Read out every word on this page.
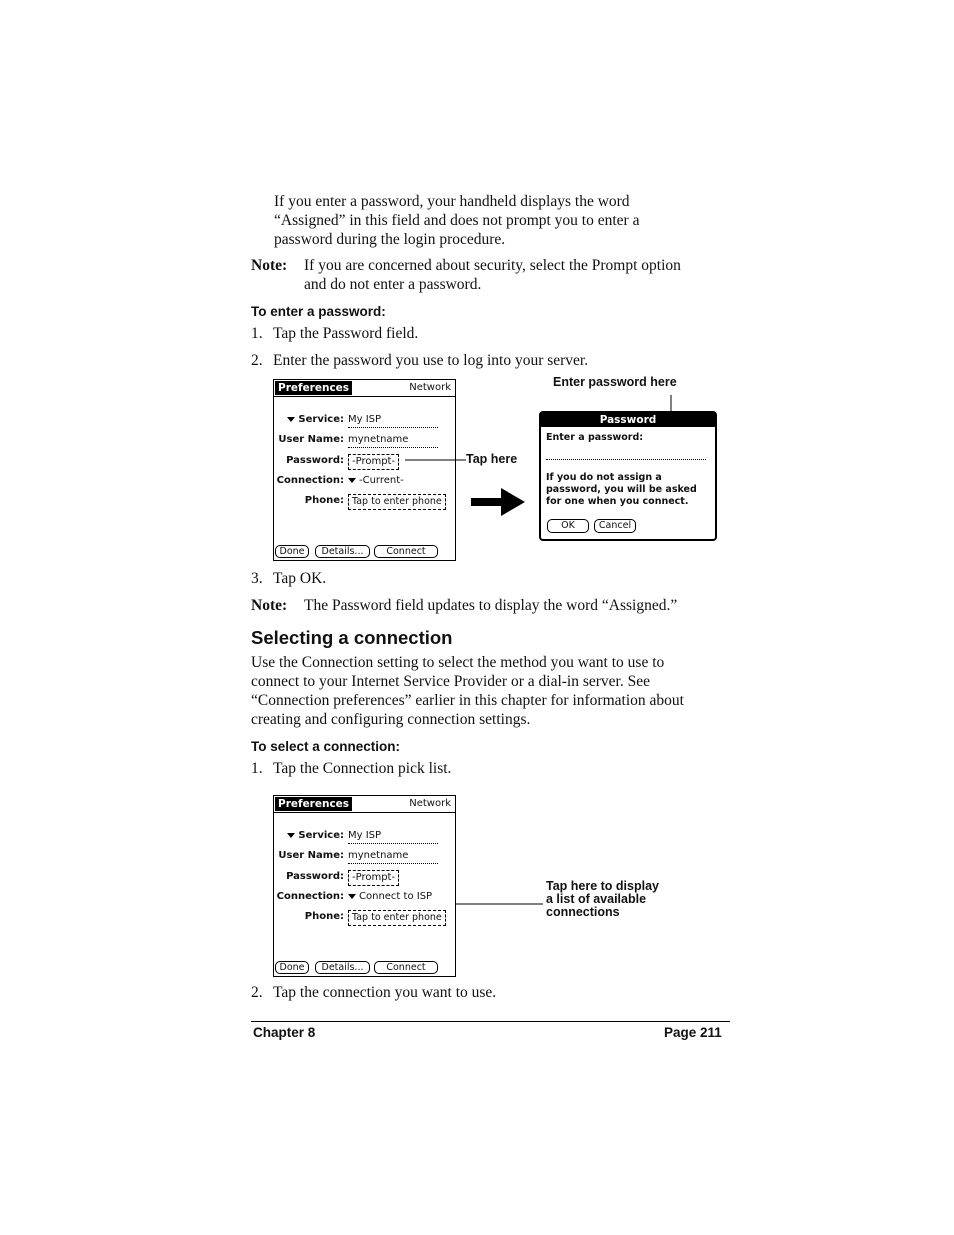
If you enter a password, your handheld displays the word
“Assigned” in this field and does not prompt you to enter a
password during the login procedure.
Note: If you are concerned about security, select the Prompt option
and do not enter a password.
To enter a password:
1. Tap the Password field.
2. Enter the password you use to log into your server.
Preferences	Network
Service: My ISP
User Name: mynetname
Password: -Prompt-
Connection:	-Current-
Phone: Tap to enter phone
Done	Details...	Connect
Tap here
Enter password here
Password
Enter a password:
If you do not assign a
password, you will be asked
for one when you connect.
OK	Cancel
3. Tap OK.
Note: The Password field updates to display the word “Assigned.”
Selecting a connection
Use the Connection setting to select the method you want to use to
connect to your Internet Service Provider or a dial-in server. See
“Connection preferences” earlier in this chapter for information about
creating and configuring connection settings.
To select a connection:
1. Tap the Connection pick list.
Preferences	Network
Service: My ISP
User Name: mynetname
Password: -Prompt-
Connection:	Connect to ISP
Phone: Tap to enter phone
Done	Details...	Connect
Tap here to display
a list of available
connections
2. Tap the connection you want to use.
Chapter 8	Page 211
